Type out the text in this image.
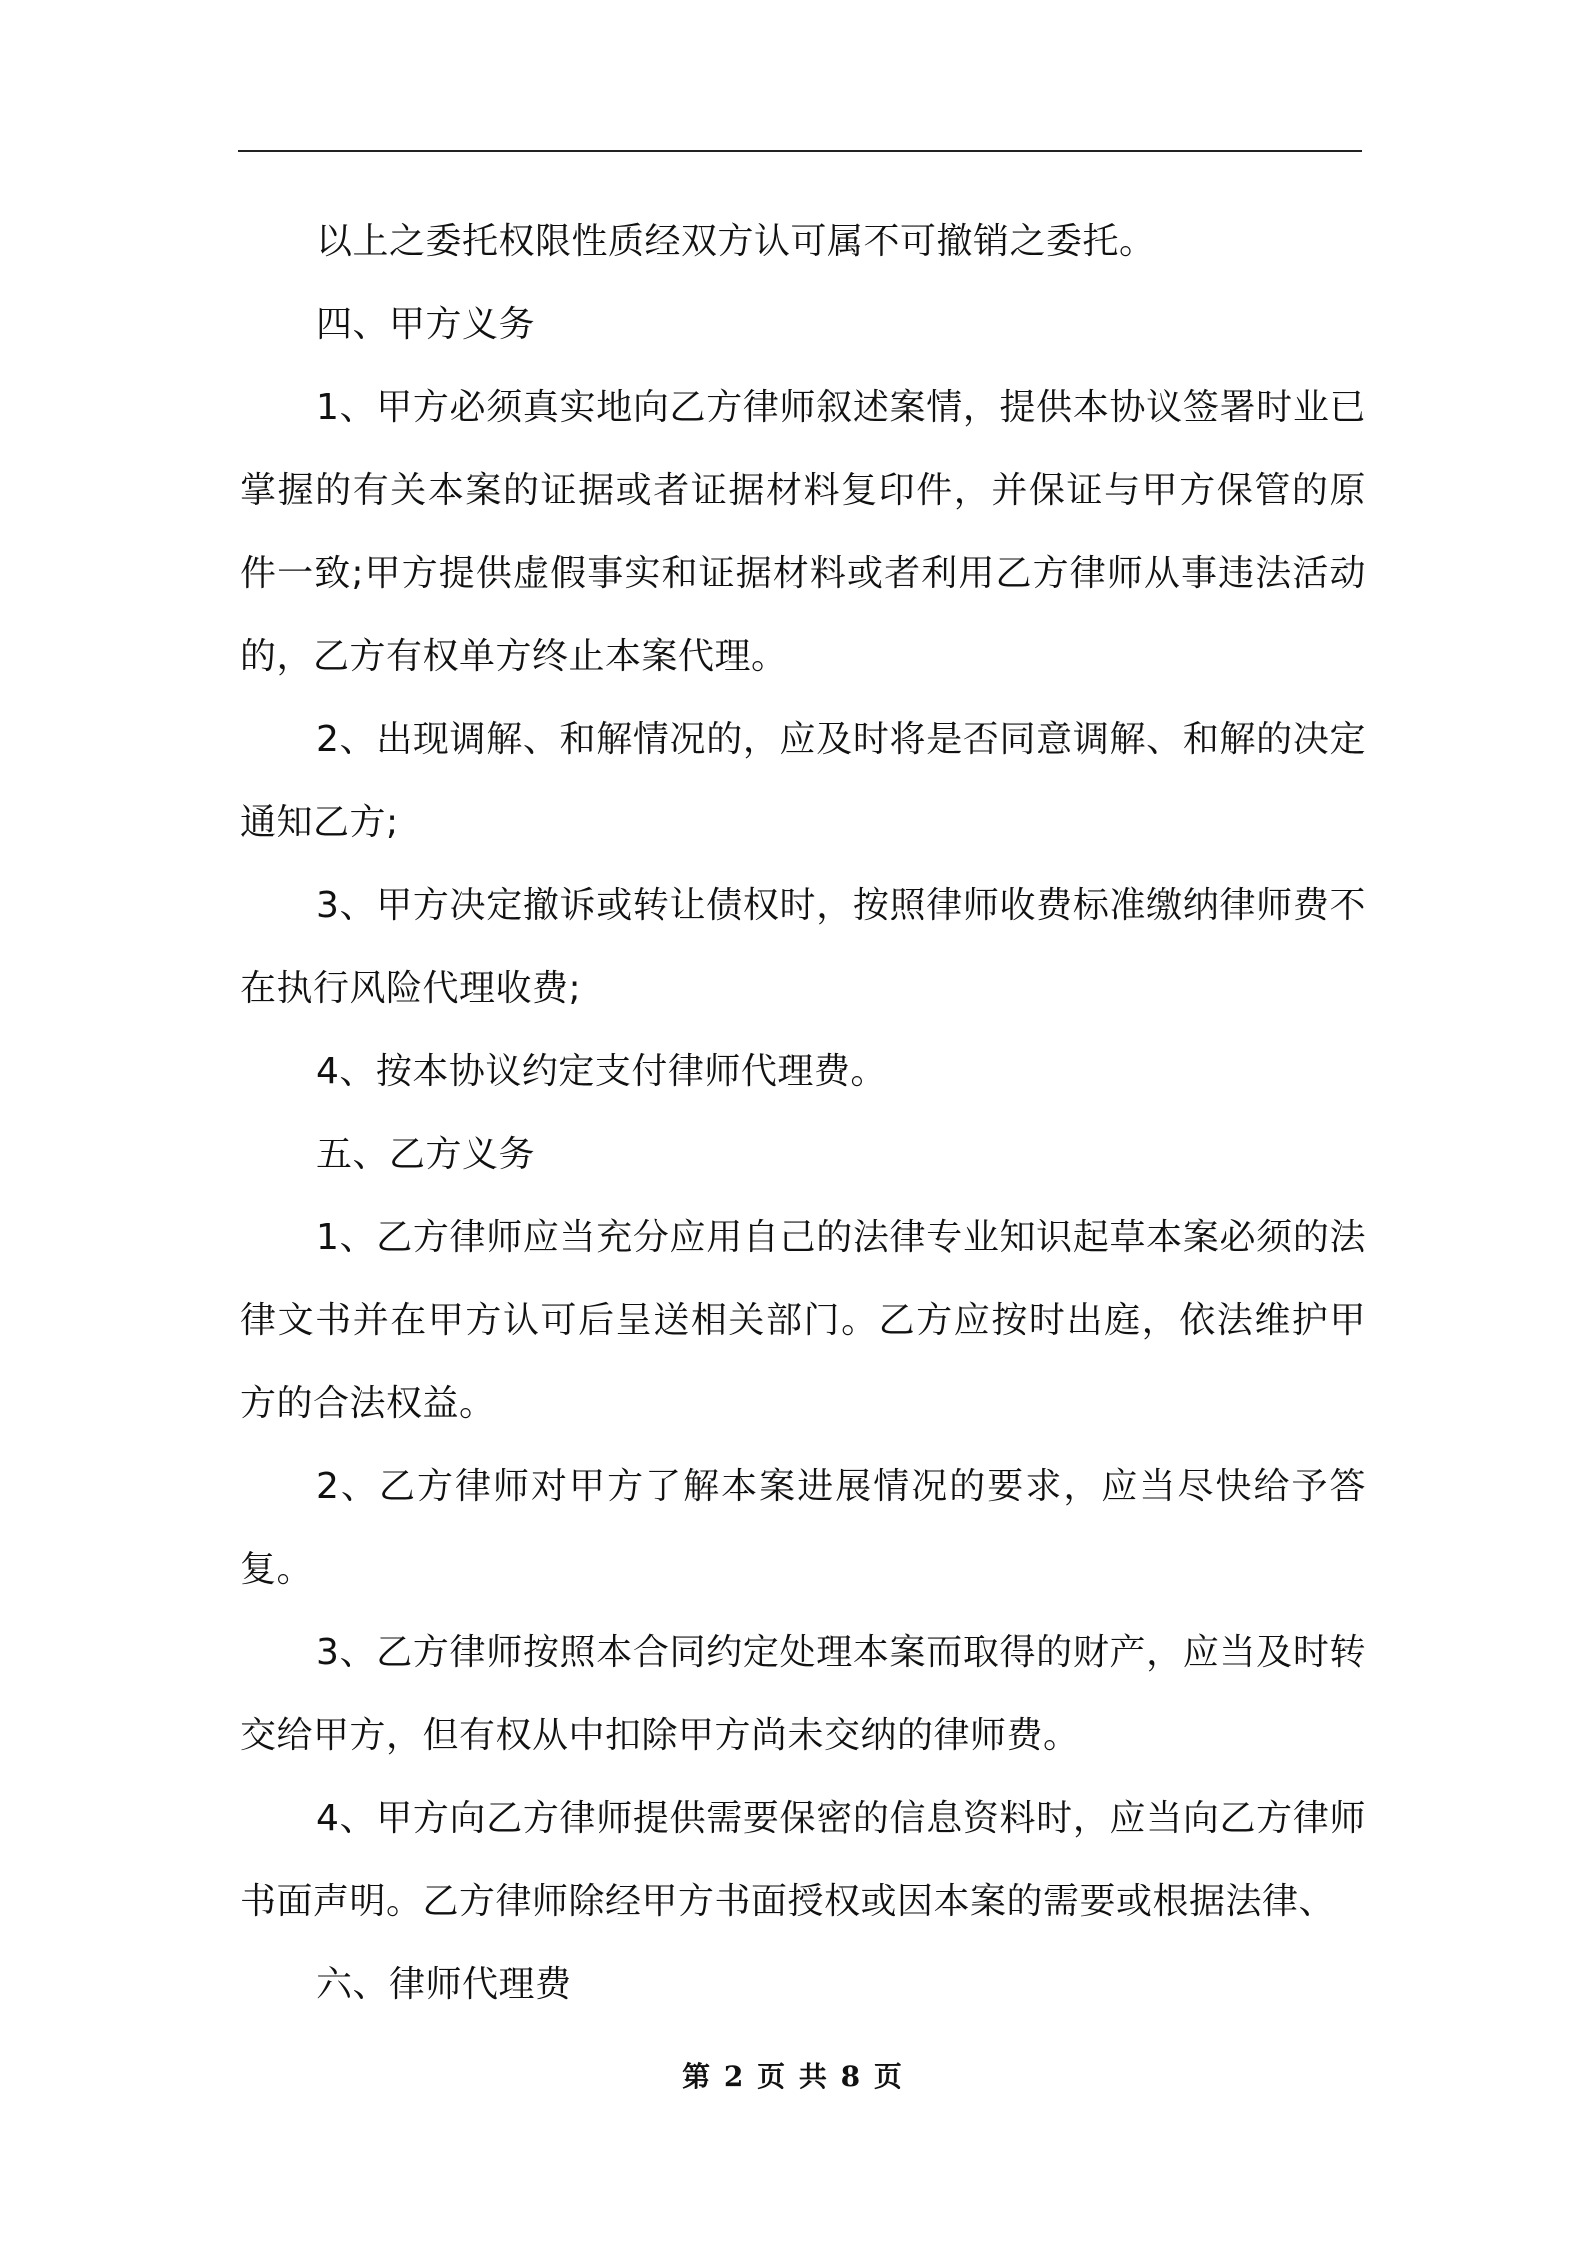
以上之委托权限性质经双方认可属不可撤销之委托。

四、甲方义务

1、甲方必须真实地向乙方律师叙述案情，提供本协议签署时业已掌握的有关本案的证据或者证据材料复印件，并保证与甲方保管的原件一致;甲方提供虚假事实和证据材料或者利用乙方律师从事违法活动的，乙方有权单方终止本案代理。

2、出现调解、和解情况的，应及时将是否同意调解、和解的决定通知乙方;

3、甲方决定撤诉或转让债权时，按照律师收费标准缴纳律师费不在执行风险代理收费;

4、按本协议约定支付律师代理费。

五、乙方义务

1、乙方律师应当充分应用自己的法律专业知识起草本案必须的法律文书并在甲方认可后呈送相关部门。乙方应按时出庭，依法维护甲方的合法权益。

2、乙方律师对甲方了解本案进展情况的要求，应当尽快给予答复。

3、乙方律师按照本合同约定处理本案而取得的财产，应当及时转交给甲方，但有权从中扣除甲方尚未交纳的律师费。

4、甲方向乙方律师提供需要保密的信息资料时，应当向乙方律师书面声明。乙方律师除经甲方书面授权或因本案的需要或根据法律、

六、律师代理费

第 2 页 共 8 页
